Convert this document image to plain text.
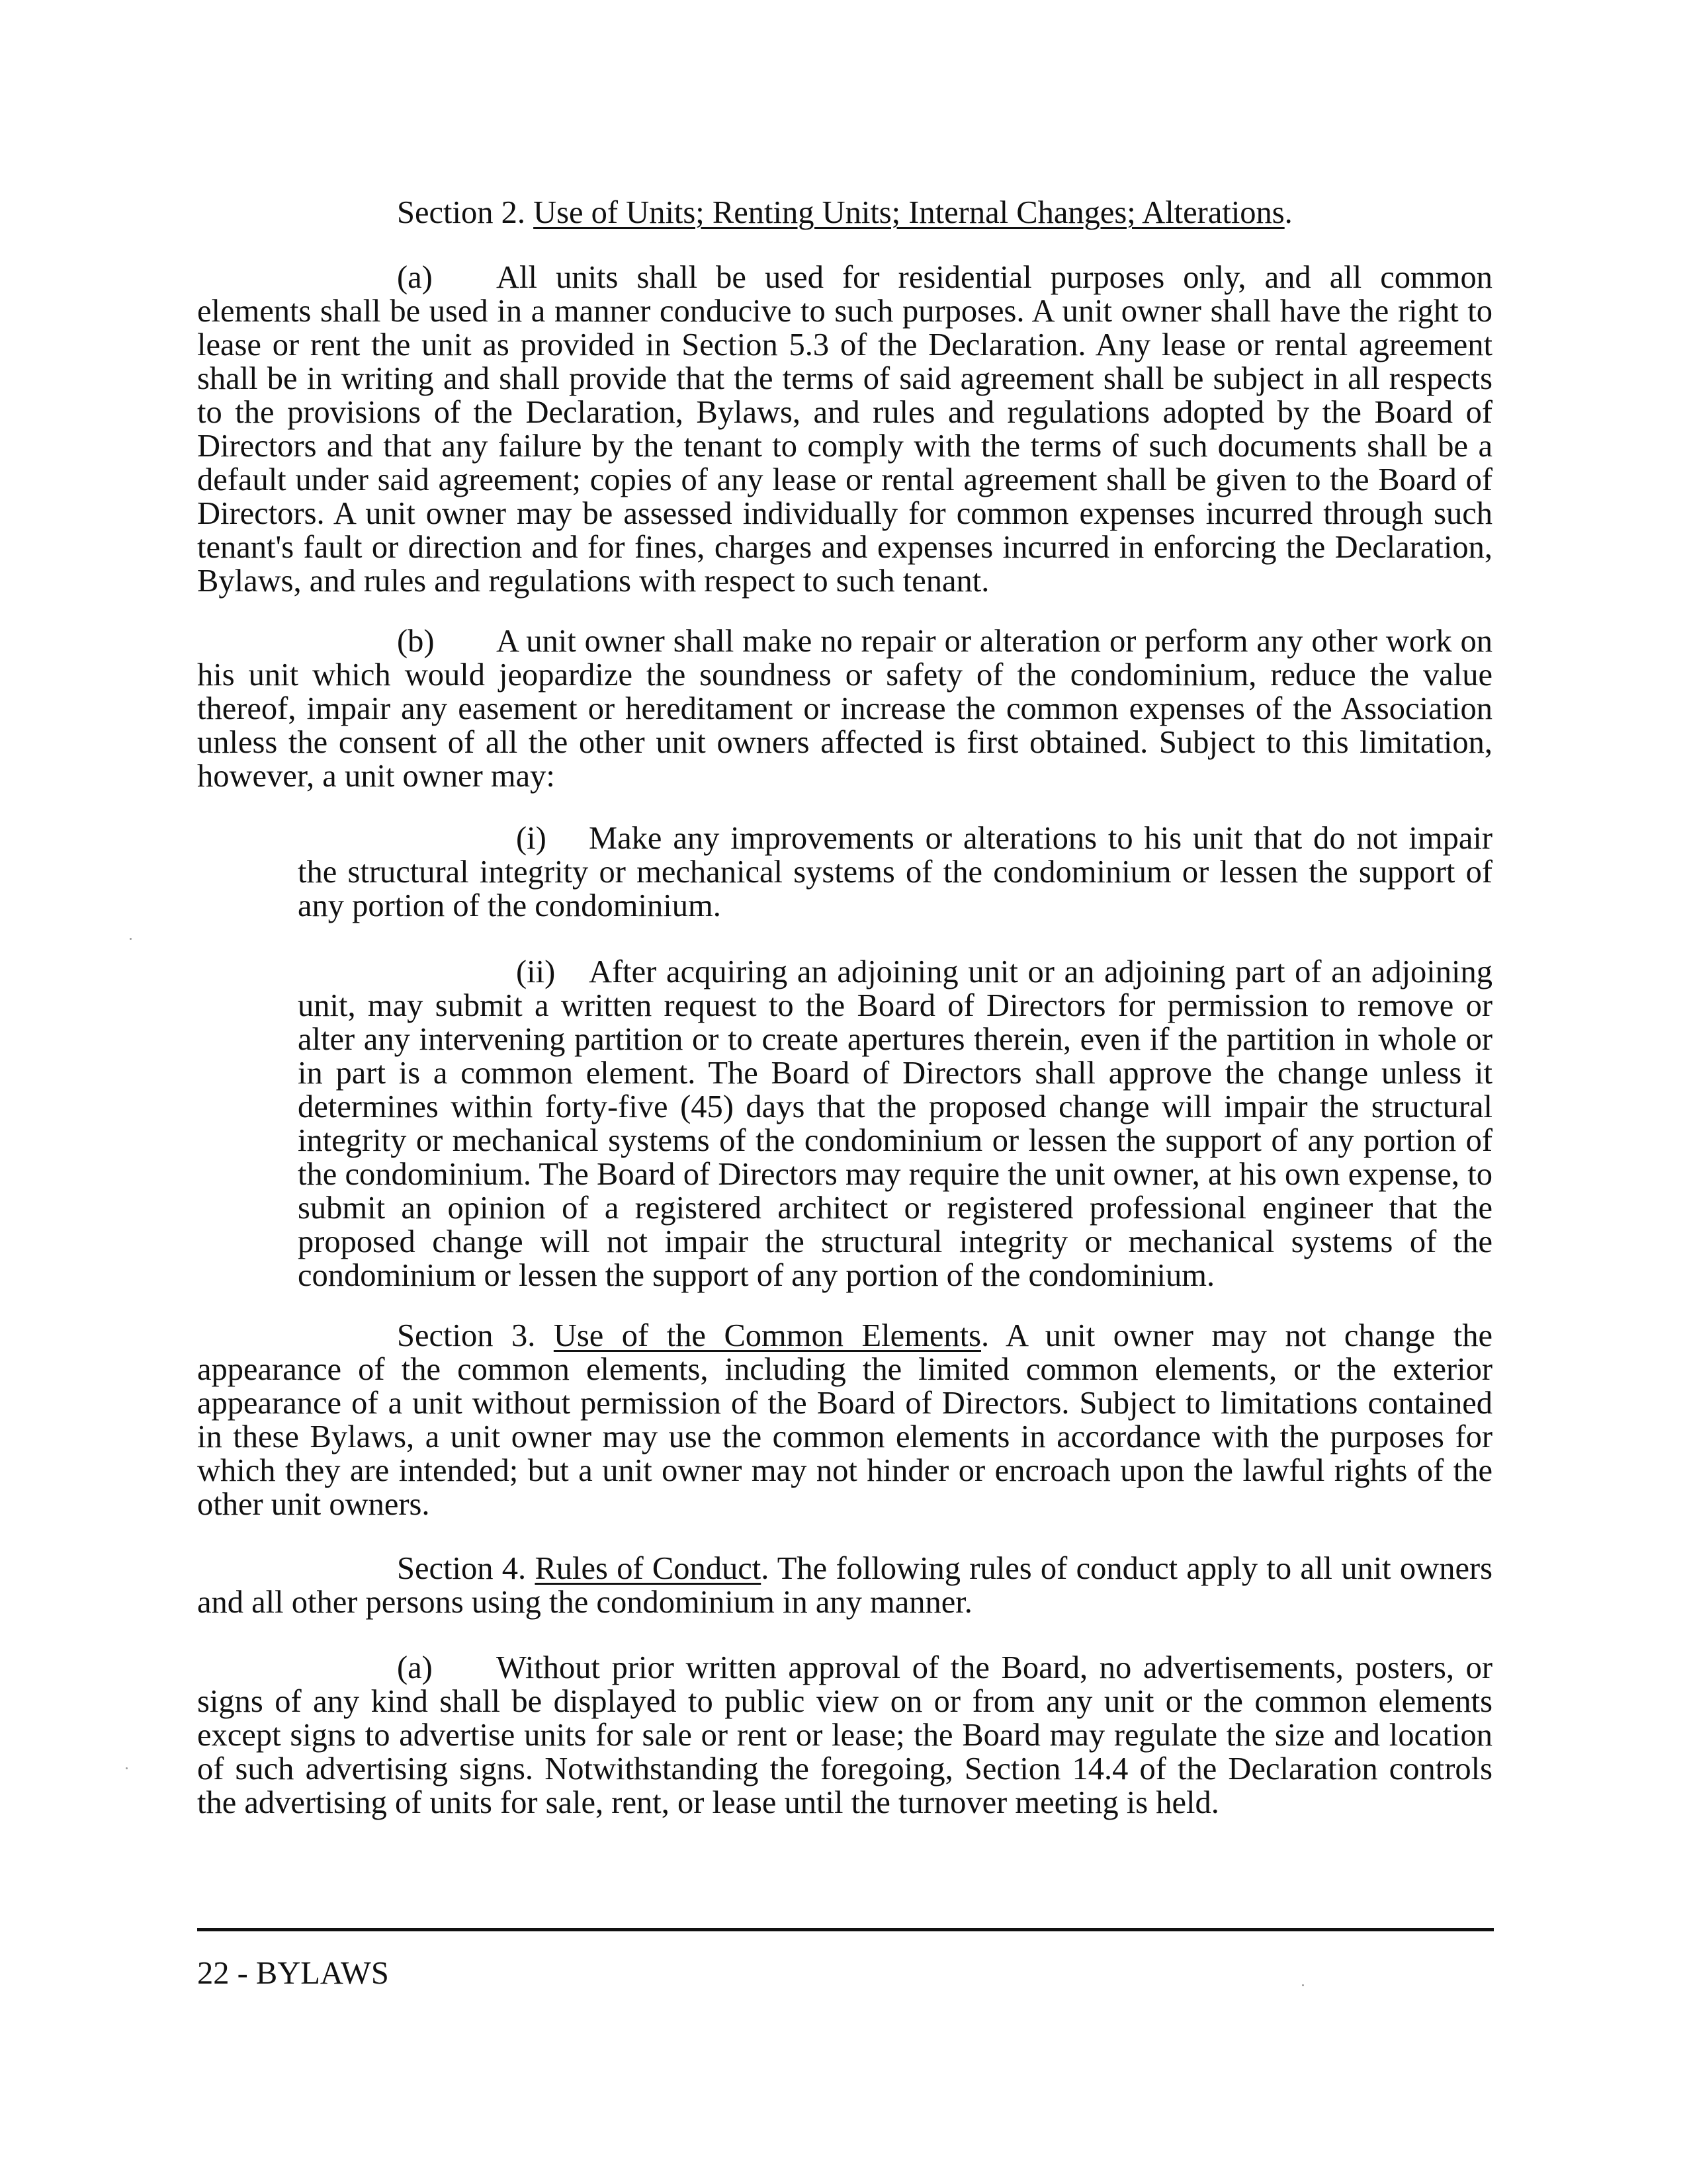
Section 2. Use of Units; Renting Units; Internal Changes; Alterations.

(a) All units shall be used for residential purposes only, and all common elements shall be used in a manner conducive to such purposes. A unit owner shall have the right to lease or rent the unit as provided in Section 5.3 of the Declaration. Any lease or rental agreement shall be in writing and shall provide that the terms of said agreement shall be subject in all respects to the provisions of the Declaration, Bylaws, and rules and regulations adopted by the Board of Directors and that any failure by the tenant to comply with the terms of such documents shall be a default under said agreement; copies of any lease or rental agreement shall be given to the Board of Directors. A unit owner may be assessed individually for common expenses incurred through such tenant's fault or direction and for fines, charges and expenses incurred in enforcing the Declaration, Bylaws, and rules and regulations with respect to such tenant.

(b) A unit owner shall make no repair or alteration or perform any other work on his unit which would jeopardize the soundness or safety of the condominium, reduce the value thereof, impair any easement or hereditament or increase the common expenses of the Association unless the consent of all the other unit owners affected is first obtained. Subject to this limitation, however, a unit owner may:

(i) Make any improvements or alterations to his unit that do not impair the structural integrity or mechanical systems of the condominium or lessen the support of any portion of the condominium.

(ii) After acquiring an adjoining unit or an adjoining part of an adjoining unit, may submit a written request to the Board of Directors for permission to remove or alter any intervening partition or to create apertures therein, even if the partition in whole or in part is a common element. The Board of Directors shall approve the change unless it determines within forty-five (45) days that the proposed change will impair the structural integrity or mechanical systems of the condominium or lessen the support of any portion of the condominium. The Board of Directors may require the unit owner, at his own expense, to submit an opinion of a registered architect or registered professional engineer that the proposed change will not impair the structural integrity or mechanical systems of the condominium or lessen the support of any portion of the condominium.

Section 3. Use of the Common Elements. A unit owner may not change the appearance of the common elements, including the limited common elements, or the exterior appearance of a unit without permission of the Board of Directors. Subject to limitations contained in these Bylaws, a unit owner may use the common elements in accordance with the purposes for which they are intended; but a unit owner may not hinder or encroach upon the lawful rights of the other unit owners.

Section 4. Rules of Conduct. The following rules of conduct apply to all unit owners and all other persons using the condominium in any manner.

(a) Without prior written approval of the Board, no advertisements, posters, or signs of any kind shall be displayed to public view on or from any unit or the common elements except signs to advertise units for sale or rent or lease; the Board may regulate the size and location of such advertising signs. Notwithstanding the foregoing, Section 14.4 of the Declaration controls the advertising of units for sale, rent, or lease until the turnover meeting is held.

22 - BYLAWS
